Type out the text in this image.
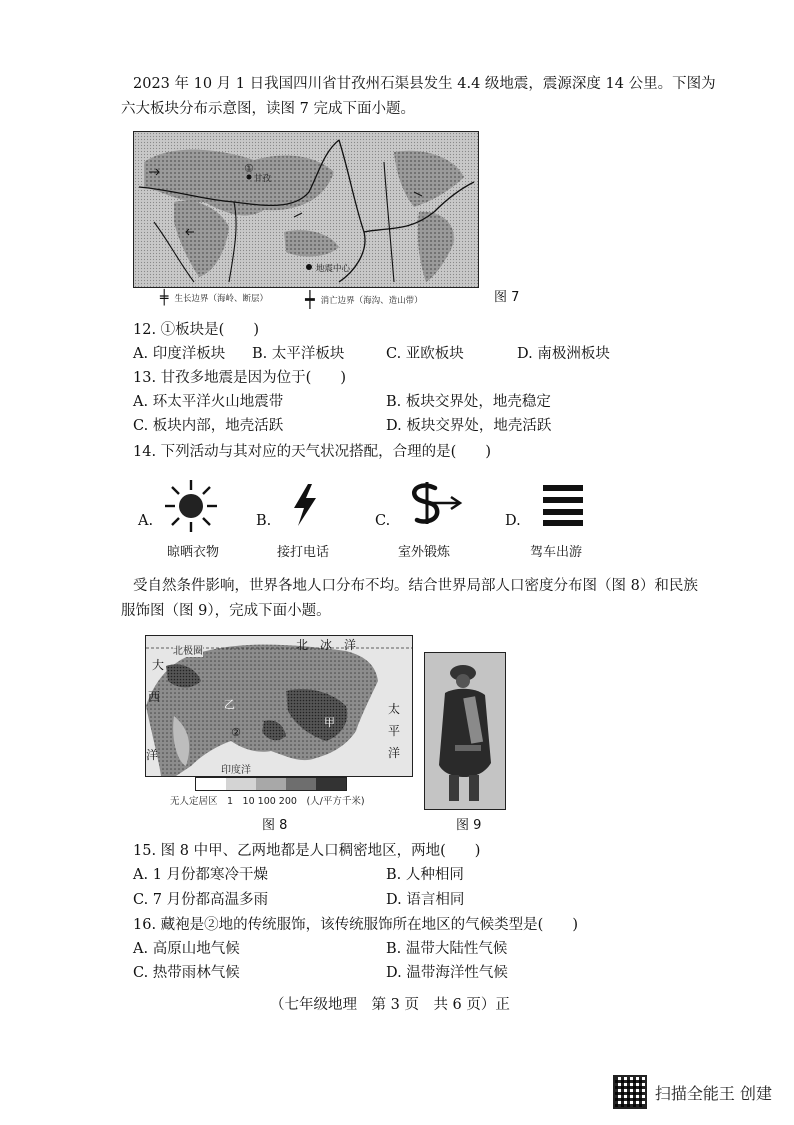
2023 年 10 月 1 日我国四川省甘孜州石渠县发生 4.4 级地震，震源深度 14 公里。下图为
六大板块分布示意图，读图 7 完成下面小题。
①
甘孜
地震中心
╪ 生长边界（海岭、断层） ┿ 消亡边界（海沟、造山带）	图 7
12. ①板块是(　　)
A. 印度洋板块 B. 太平洋板块	C. 亚欧板块	D. 南极洲板块
13. 甘孜多地震是因为位于(　　)
A. 环太平洋火山地震带	B. 板块交界处，地壳稳定
C. 板块内部，地壳活跃	D. 板块交界处，地壳活跃
14. 下列活动与其对应的天气状况搭配，合理的是(　　)
A.
晾晒衣物
B.
接打电话
C.
室外锻炼
D.
驾车出游
受自然条件影响，世界各地人口分布不均。结合世界局部人口密度分布图（图 8）和民族
服饰图（图 9），完成下面小题。
北极圈	北　冰　洋
大
西
洋
乙
甲
②
印度洋
太
平
洋
无人定居区　1　10 100 200　(人/平方千米)
图 8	图 9
15. 图 8 中甲、乙两地都是人口稠密地区，两地(　　)
A. 1 月份都寒冷干燥	B. 人种相同
C. 7 月份都高温多雨	D. 语言相同
16. 藏袍是②地的传统服饰，该传统服饰所在地区的气候类型是(　　)
A. 高原山地气候	B. 温带大陆性气候
C. 热带雨林气候	D. 温带海洋性气候
（七年级地理　第 3 页　共 6 页）正
扫描全能王 创建
